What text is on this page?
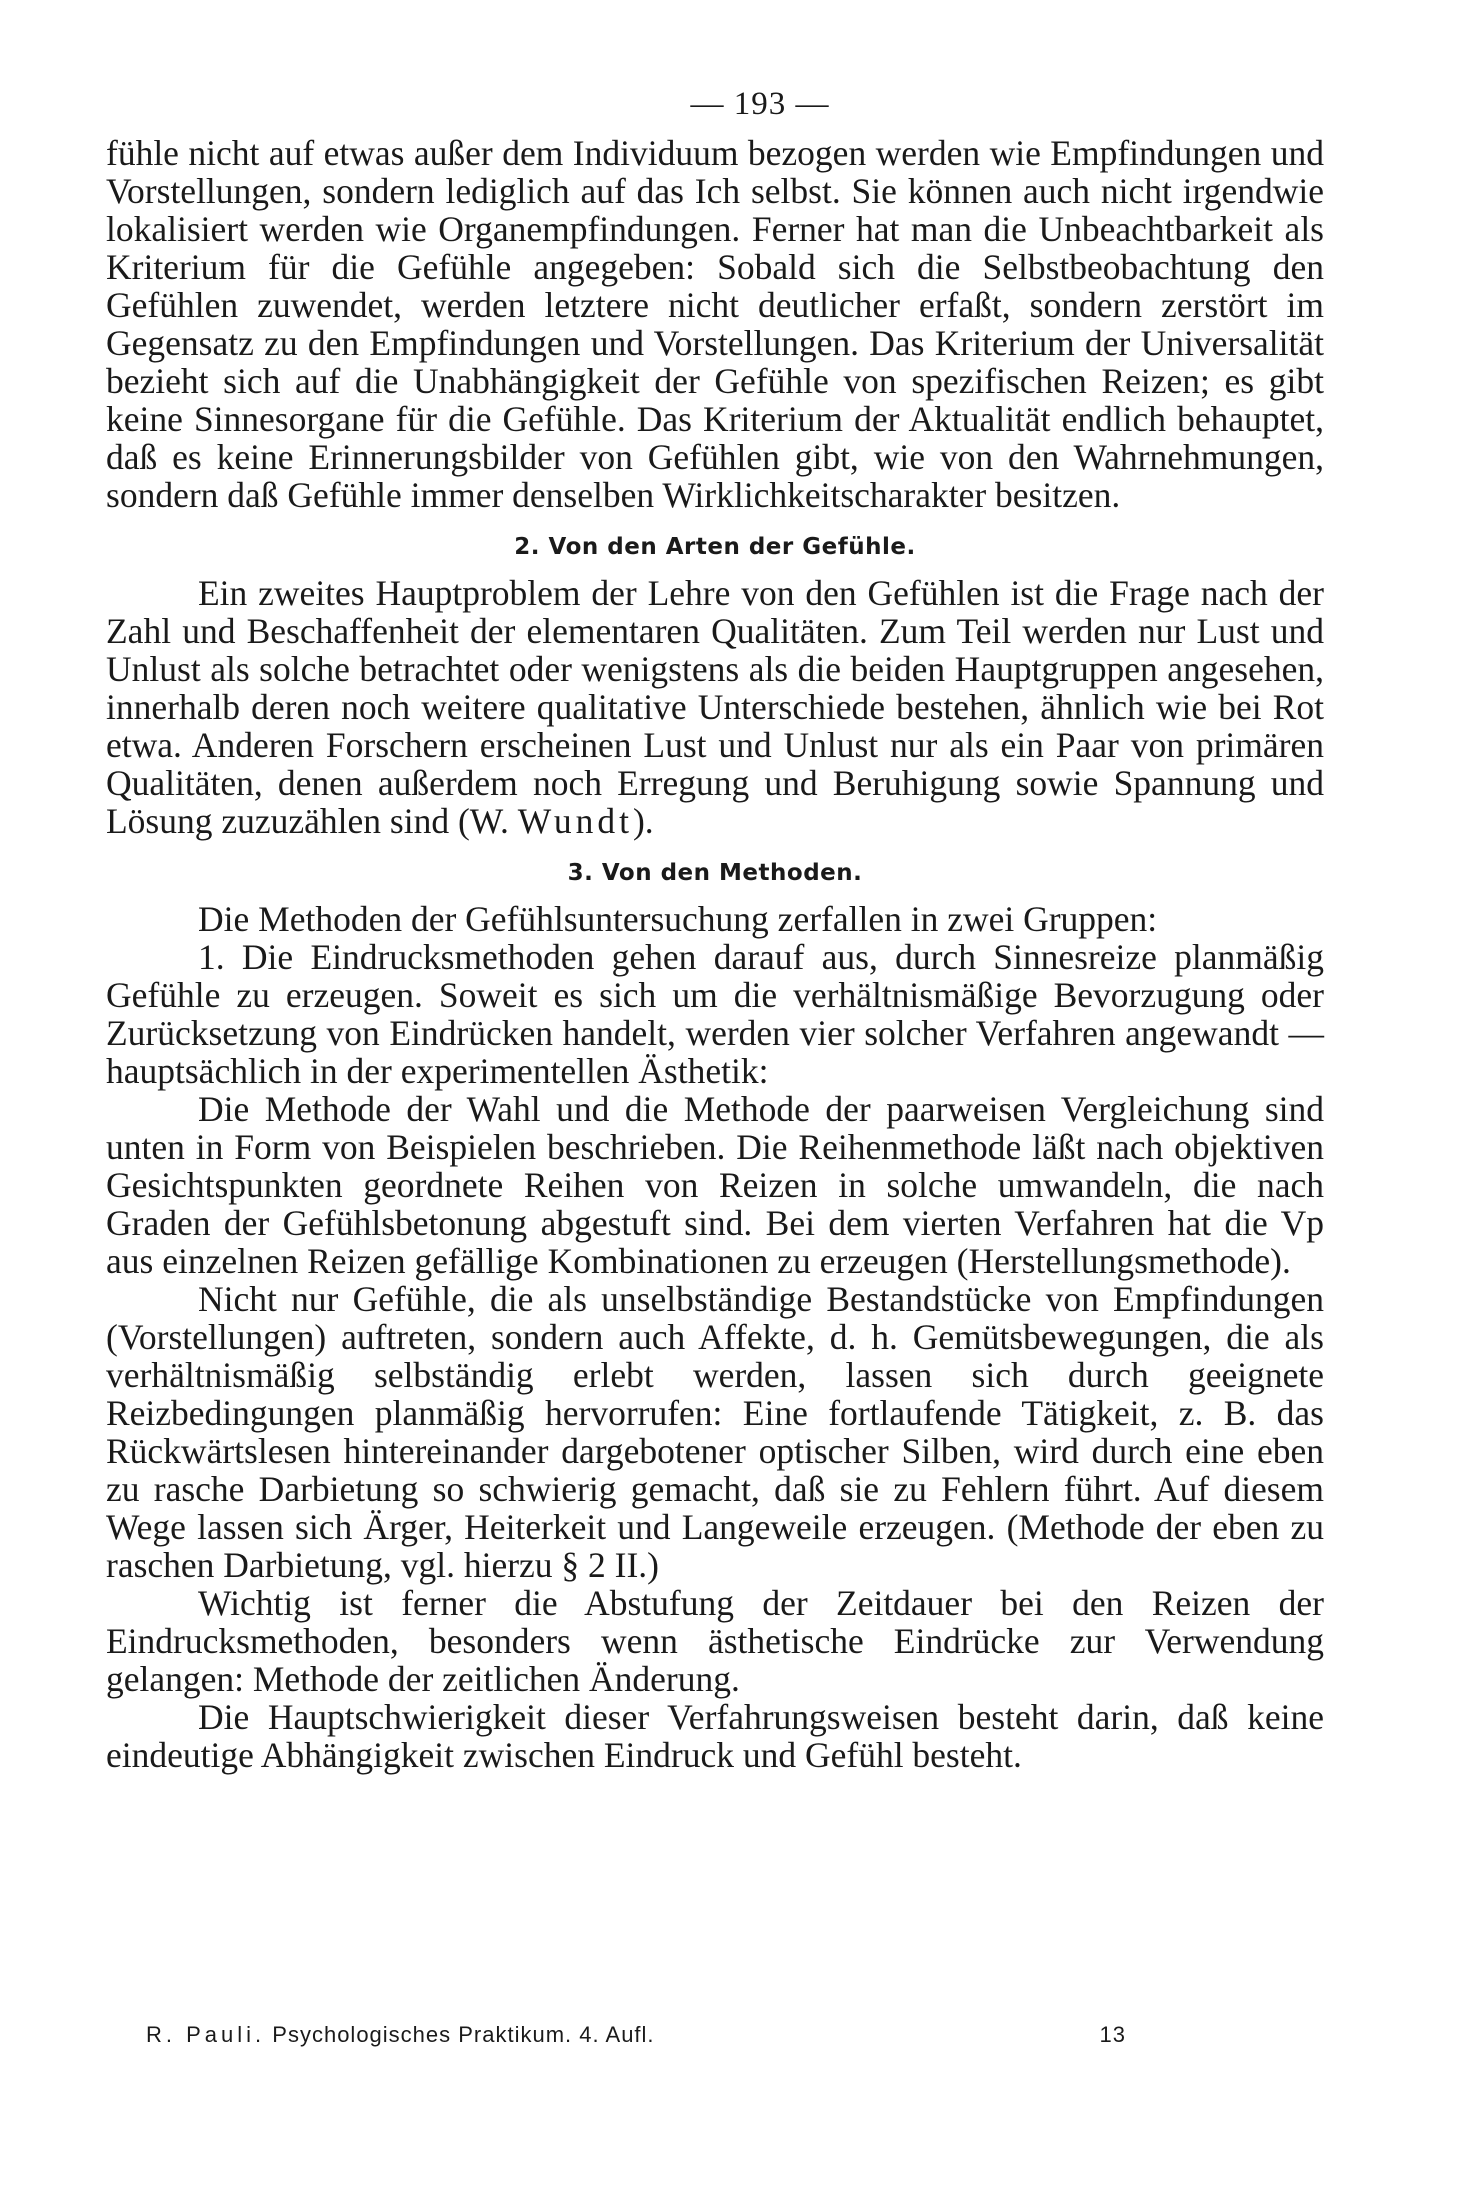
— 193 —

fühle nicht auf etwas außer dem Individuum bezogen werden wie Empfindungen und Vorstellungen, sondern lediglich auf das Ich selbst. Sie können auch nicht irgendwie lokalisiert werden wie Organempfindungen. Ferner hat man die Unbeachtbarkeit als Kriterium für die Gefühle angegeben: Sobald sich die Selbstbeobachtung den Gefühlen zuwendet, werden letztere nicht deutlicher erfaßt, sondern zerstört im Gegensatz zu den Empfindungen und Vorstellungen. Das Kriterium der Universalität bezieht sich auf die Unabhängigkeit der Gefühle von spezifischen Reizen; es gibt keine Sinnesorgane für die Gefühle. Das Kriterium der Aktualität endlich behauptet, daß es keine Erinnerungsbilder von Gefühlen gibt, wie von den Wahrnehmungen, sondern daß Gefühle immer denselben Wirklichkeitscharakter besitzen.

2. Von den Arten der Gefühle.

Ein zweites Hauptproblem der Lehre von den Gefühlen ist die Frage nach der Zahl und Beschaffenheit der elementaren Qualitäten. Zum Teil werden nur Lust und Unlust als solche betrachtet oder wenigstens als die beiden Hauptgruppen angesehen, innerhalb deren noch weitere qualitative Unterschiede bestehen, ähnlich wie bei Rot etwa. Anderen Forschern erscheinen Lust und Unlust nur als ein Paar von primären Qualitäten, denen außerdem noch Erregung und Beruhigung sowie Spannung und Lösung zuzuzählen sind (W. Wundt).

3. Von den Methoden.

Die Methoden der Gefühlsuntersuchung zerfallen in zwei Gruppen:

1. Die Eindrucksmethoden gehen darauf aus, durch Sinnesreize planmäßig Gefühle zu erzeugen. Soweit es sich um die verhältnismäßige Bevorzugung oder Zurücksetzung von Eindrücken handelt, werden vier solcher Verfahren angewandt — hauptsächlich in der experimentellen Ästhetik:

Die Methode der Wahl und die Methode der paarweisen Vergleichung sind unten in Form von Beispielen beschrieben. Die Reihenmethode läßt nach objektiven Gesichtspunkten geordnete Reihen von Reizen in solche umwandeln, die nach Graden der Gefühlsbetonung abgestuft sind. Bei dem vierten Verfahren hat die Vp aus einzelnen Reizen gefällige Kombinationen zu erzeugen (Herstellungsmethode).

Nicht nur Gefühle, die als unselbständige Bestandstücke von Empfindungen (Vorstellungen) auftreten, sondern auch Affekte, d. h. Gemütsbewegungen, die als verhältnismäßig selbständig erlebt werden, lassen sich durch geeignete Reizbedingungen planmäßig hervorrufen: Eine fortlaufende Tätigkeit, z. B. das Rückwärtslesen hintereinander dargebotener optischer Silben, wird durch eine eben zu rasche Darbietung so schwierig gemacht, daß sie zu Fehlern führt. Auf diesem Wege lassen sich Ärger, Heiterkeit und Langeweile erzeugen. (Methode der eben zu raschen Darbietung, vgl. hierzu § 2 II.)

Wichtig ist ferner die Abstufung der Zeitdauer bei den Reizen der Eindrucksmethoden, besonders wenn ästhetische Eindrücke zur Verwendung gelangen: Methode der zeitlichen Änderung.

Die Hauptschwierigkeit dieser Verfahrungsweisen besteht darin, daß keine eindeutige Abhängigkeit zwischen Eindruck und Gefühl besteht.

R. Pauli. Psychologisches Praktikum. 4. Aufl.	13
